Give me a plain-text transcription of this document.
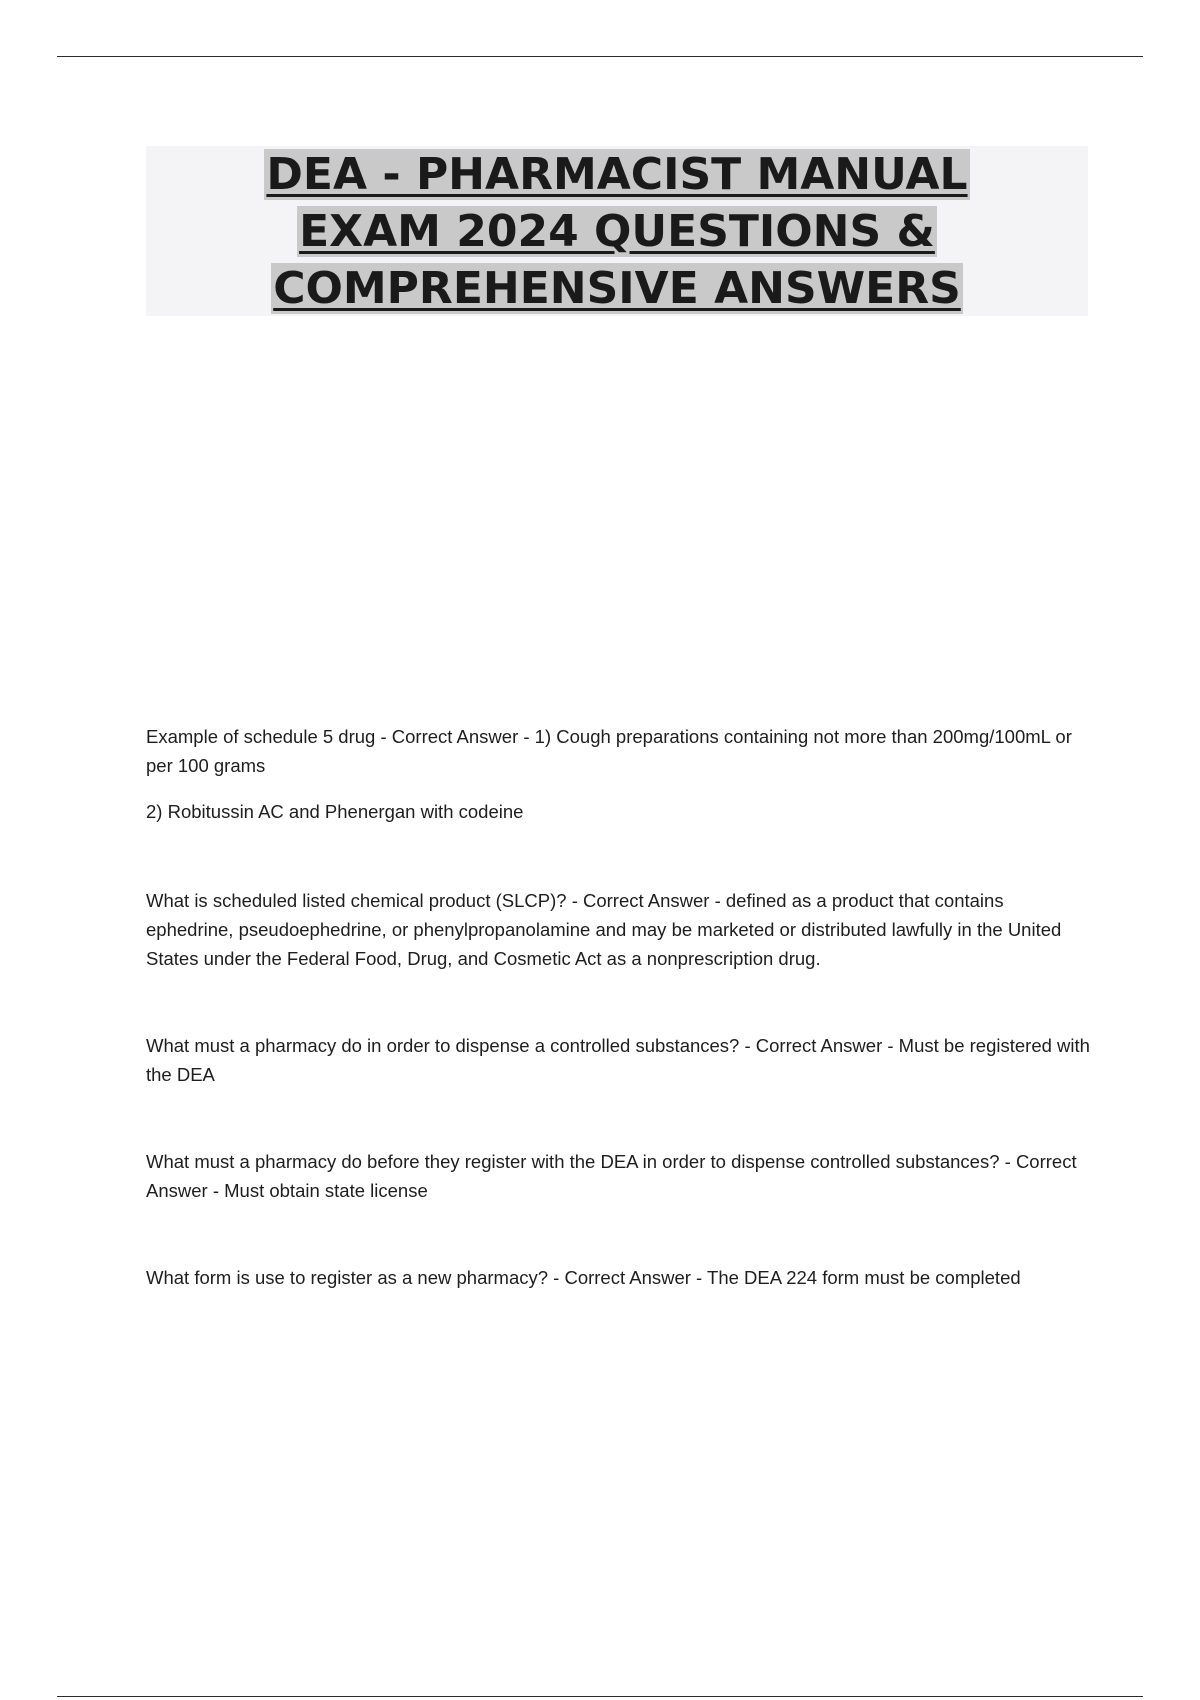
DEA - PHARMACIST MANUAL
EXAM 2024 QUESTIONS &
COMPREHENSIVE ANSWERS

Example of schedule 5 drug - Correct Answer - 1) Cough preparations containing not more than 200mg/100mL or per 100 grams

2) Robitussin AC and Phenergan with codeine

What is scheduled listed chemical product (SLCP)? - Correct Answer - defined as a product that contains ephedrine, pseudoephedrine, or phenylpropanolamine and may be marketed or distributed lawfully in the United States under the Federal Food, Drug, and Cosmetic Act as a nonprescription drug.

What must a pharmacy do in order to dispense a controlled substances? - Correct Answer - Must be registered with the DEA

What must a pharmacy do before they register with the DEA in order to dispense controlled substances? - Correct Answer - Must obtain state license

What form is use to register as a new pharmacy? - Correct Answer - The DEA 224 form must be completed
